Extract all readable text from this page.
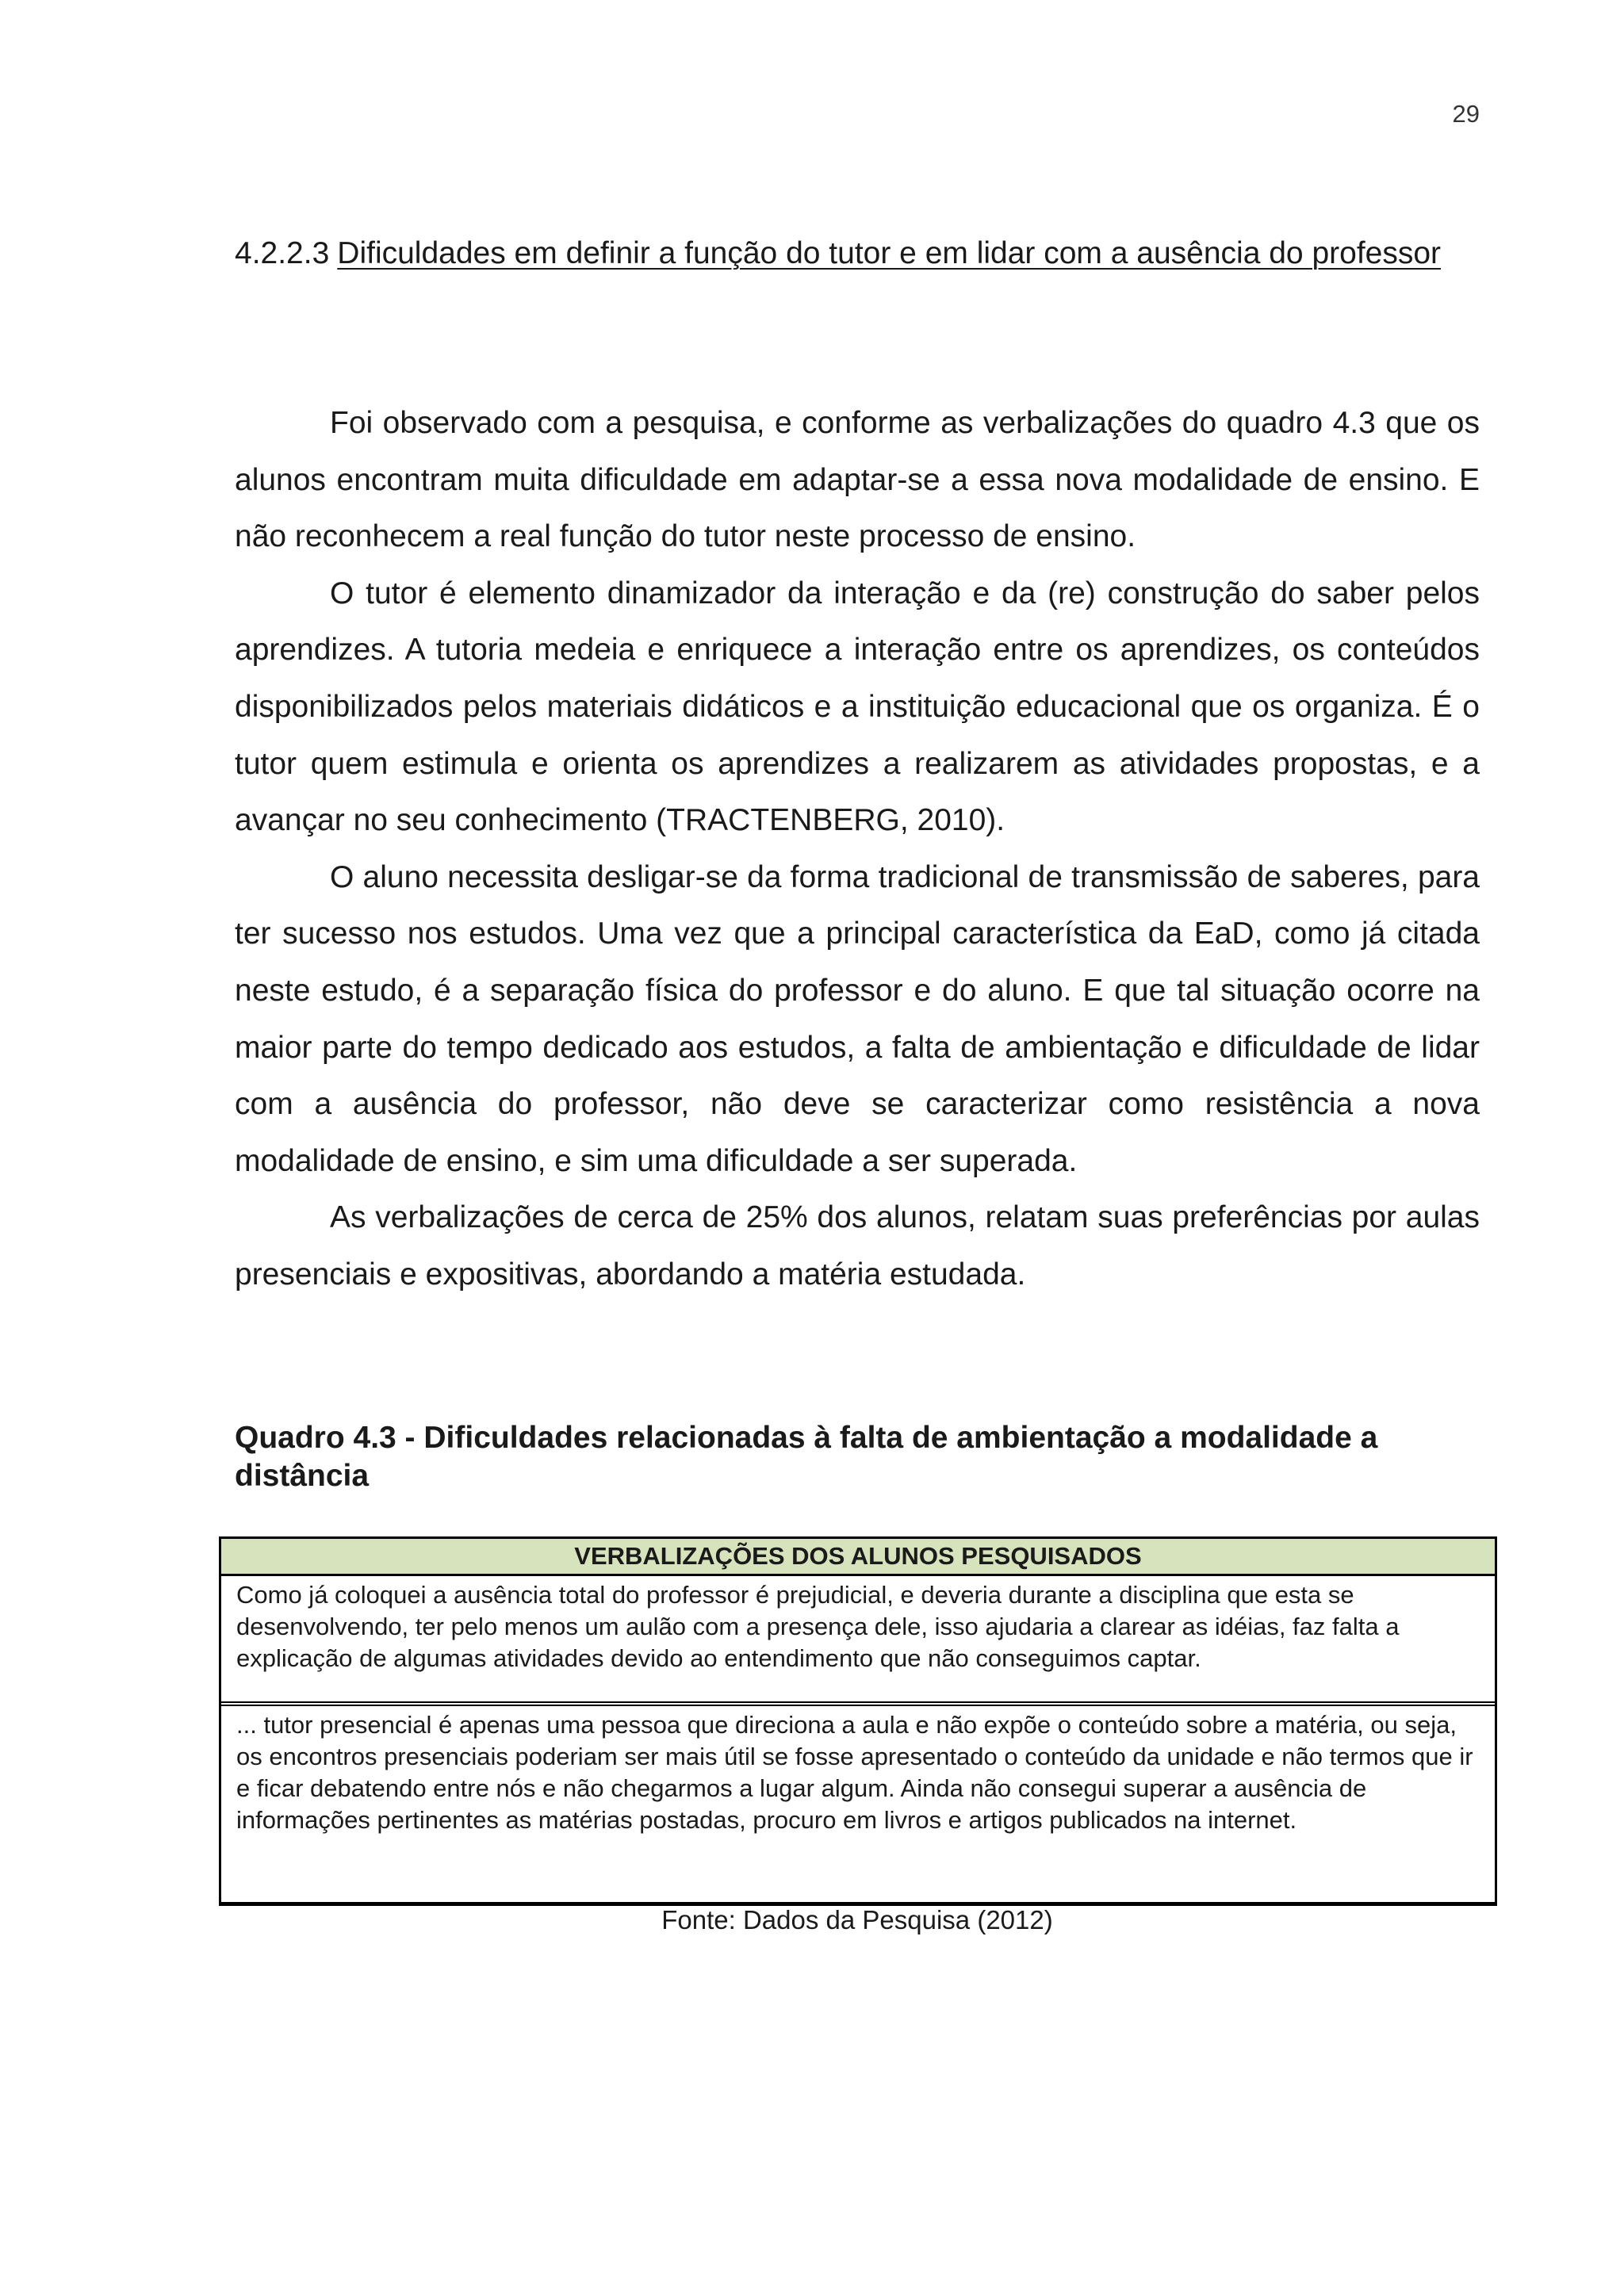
29
4.2.2.3 Dificuldades em definir a função do tutor e em lidar com a ausência do professor

Foi observado com a pesquisa, e conforme as verbalizações do quadro 4.3 que os alunos encontram muita dificuldade em adaptar-se a essa nova modalidade de ensino. E não reconhecem a real função do tutor neste processo de ensino.

O tutor é elemento dinamizador da interação e da (re) construção do saber pelos aprendizes. A tutoria medeia e enriquece a interação entre os aprendizes, os conteúdos disponibilizados pelos materiais didáticos e a instituição educacional que os organiza. É o tutor quem estimula e orienta os aprendizes a realizarem as atividades propostas, e a avançar no seu conhecimento (TRACTENBERG, 2010).

O aluno necessita desligar-se da forma tradicional de transmissão de saberes, para ter sucesso nos estudos. Uma vez que a principal característica da EaD, como já citada neste estudo, é a separação física do professor e do aluno. E que tal situação ocorre na maior parte do tempo dedicado aos estudos, a falta de ambientação e dificuldade de lidar com a ausência do professor, não deve se caracterizar como resistência a nova modalidade de ensino, e sim uma dificuldade a ser superada.

As verbalizações de cerca de 25% dos alunos, relatam suas preferências por aulas presenciais e expositivas, abordando a matéria estudada.

Quadro 4.3 - Dificuldades relacionadas à falta de ambientação a modalidade a distância
VERBALIZAÇÕES DOS ALUNOS PESQUISADOS
Como já coloquei a ausência total do professor é prejudicial, e deveria durante a disciplina que esta se desenvolvendo, ter pelo menos um aulão com a presença dele, isso ajudaria a clarear as idéias, faz falta a explicação de algumas atividades devido ao entendimento que não conseguimos captar.
... tutor presencial é apenas uma pessoa que direciona a aula e não expõe o conteúdo sobre a matéria, ou seja, os encontros presenciais poderiam ser mais útil se fosse apresentado o conteúdo da unidade e não termos que ir e ficar debatendo entre nós e não chegarmos a lugar algum. Ainda não consegui superar a ausência de informações pertinentes as matérias postadas, procuro em livros e artigos publicados na internet.
Fonte: Dados da Pesquisa (2012)
